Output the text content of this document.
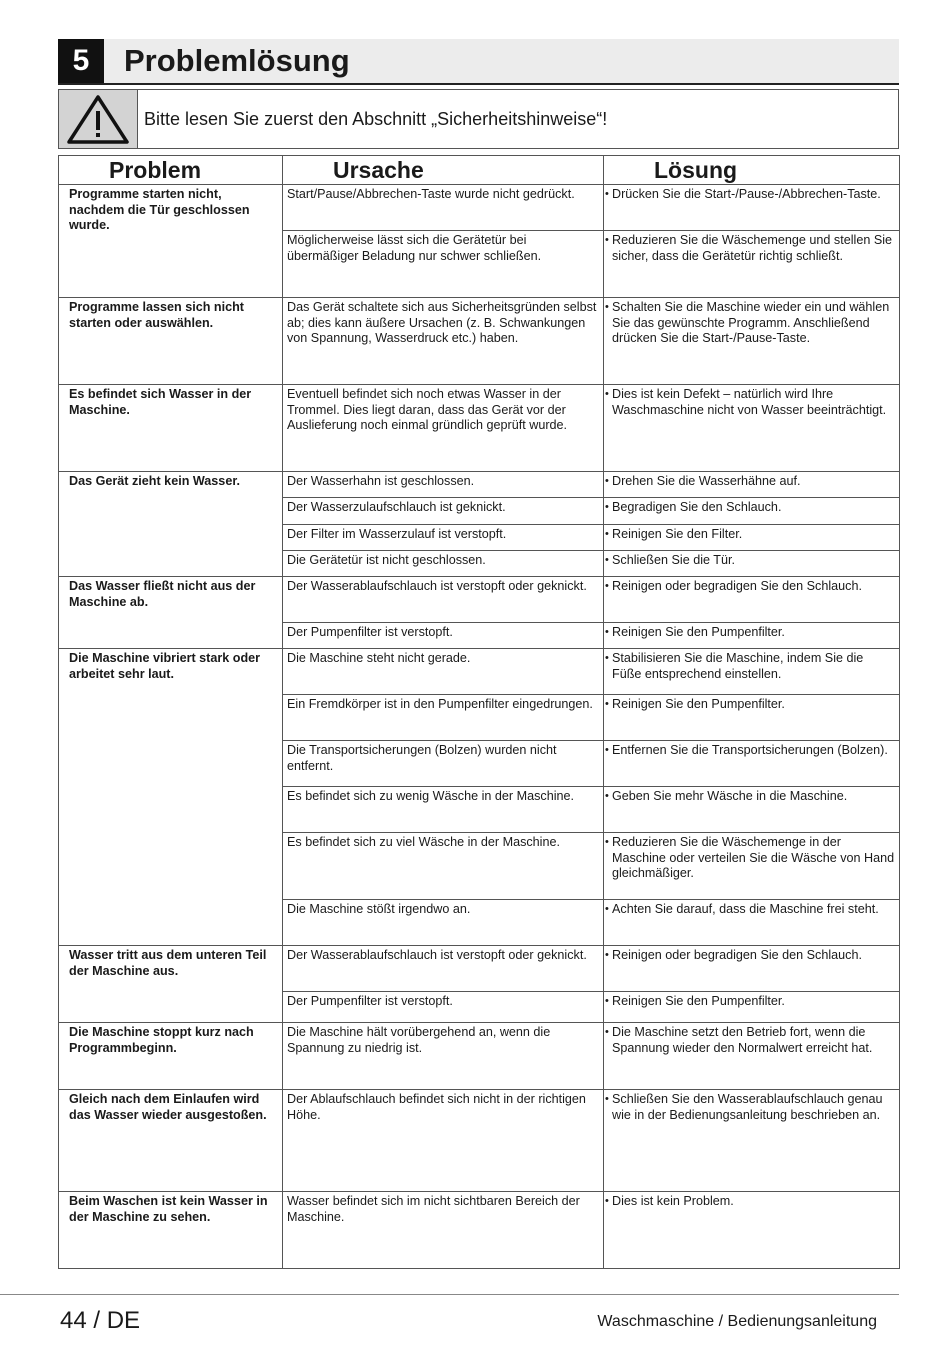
5	Problemlösung
Bitte lesen Sie zuerst den Abschnitt „Sicherheitshinweise“!
Problem	Ursache	Lösung
Programme starten nicht, nachdem die Tür geschlossen wurde.	Start/Pause/Abbrechen-Taste wurde nicht gedrückt.	• Drücken Sie die Start-/Pause-/Abbrechen-Taste.

	Möglicherweise lässt sich die Gerätetür bei übermäßiger Beladung nur schwer schließen.	• Reduzieren Sie die Wäschemenge und stellen Sie sicher, dass die Gerätetür richtig schließt.

Programme lassen sich nicht starten oder auswählen.	Das Gerät schaltete sich aus Sicherheitsgründen selbst ab; dies kann äußere Ursachen (z. B. Schwankungen von Spannung, Wasserdruck etc.) haben.	• Schalten Sie die Maschine wieder ein und wählen Sie das gewünschte Programm. Anschließend drücken Sie die Start-/Pause-Taste.

Es befindet sich Wasser in der Maschine.	Eventuell befindet sich noch etwas Wasser in der Trommel. Dies liegt daran, dass das Gerät vor der Auslieferung noch einmal gründlich geprüft wurde.	• Dies ist kein Defekt – natürlich wird Ihre Waschmaschine nicht von Wasser beeinträchtigt.

Das Gerät zieht kein Wasser.	Der Wasserhahn ist geschlossen.	• Drehen Sie die Wasserhähne auf.

	Der Wasserzulaufschlauch ist geknickt.	• Begradigen Sie den Schlauch.

	Der Filter im Wasserzulauf ist verstopft.	• Reinigen Sie den Filter.

	Die Gerätetür ist nicht geschlossen.	• Schließen Sie die Tür.

Das Wasser fließt nicht aus der Maschine ab.	Der Wasserablaufschlauch ist verstopft oder geknickt.	• Reinigen oder begradigen Sie den Schlauch.

	Der Pumpenfilter ist verstopft.	• Reinigen Sie den Pumpenfilter.

Die Maschine vibriert stark oder arbeitet sehr laut.	Die Maschine steht nicht gerade.	• Stabilisieren Sie die Maschine, indem Sie die Füße entsprechend einstellen.

	Ein Fremdkörper ist in den Pumpenfilter eingedrungen.	• Reinigen Sie den Pumpenfilter.

	Die Transportsicherungen (Bolzen) wurden nicht entfernt.	• Entfernen Sie die Transportsicherungen (Bolzen).

	Es befindet sich zu wenig Wäsche in der Maschine.	• Geben Sie mehr Wäsche in die Maschine.

	Es befindet sich zu viel Wäsche in der Maschine.	• Reduzieren Sie die Wäschemenge in der Maschine oder verteilen Sie die Wäsche von Hand gleichmäßiger.

	Die Maschine stößt irgendwo an.	• Achten Sie darauf, dass die Maschine frei steht.

Wasser tritt aus dem unteren Teil der Maschine aus.	Der Wasserablaufschlauch ist verstopft oder geknickt.	• Reinigen oder begradigen Sie den Schlauch.

	Der Pumpenfilter ist verstopft.	• Reinigen Sie den Pumpenfilter.

Die Maschine stoppt kurz nach Programmbeginn.	Die Maschine hält vorübergehend an, wenn die Spannung zu niedrig ist.	• Die Maschine setzt den Betrieb fort, wenn die Spannung wieder den Normalwert erreicht hat.

Gleich nach dem Einlaufen wird das Wasser wieder ausgestoßen.	Der Ablaufschlauch befindet sich nicht in der richtigen Höhe.	• Schließen Sie den Wasserablaufschlauch genau wie in der Bedienungsanleitung beschrieben an.

Beim Waschen ist kein Wasser in der Maschine zu sehen.	Wasser befindet sich im nicht sichtbaren Bereich der Maschine.	• Dies ist kein Problem.
44 / DE	Waschmaschine / Bedienungsanleitung
